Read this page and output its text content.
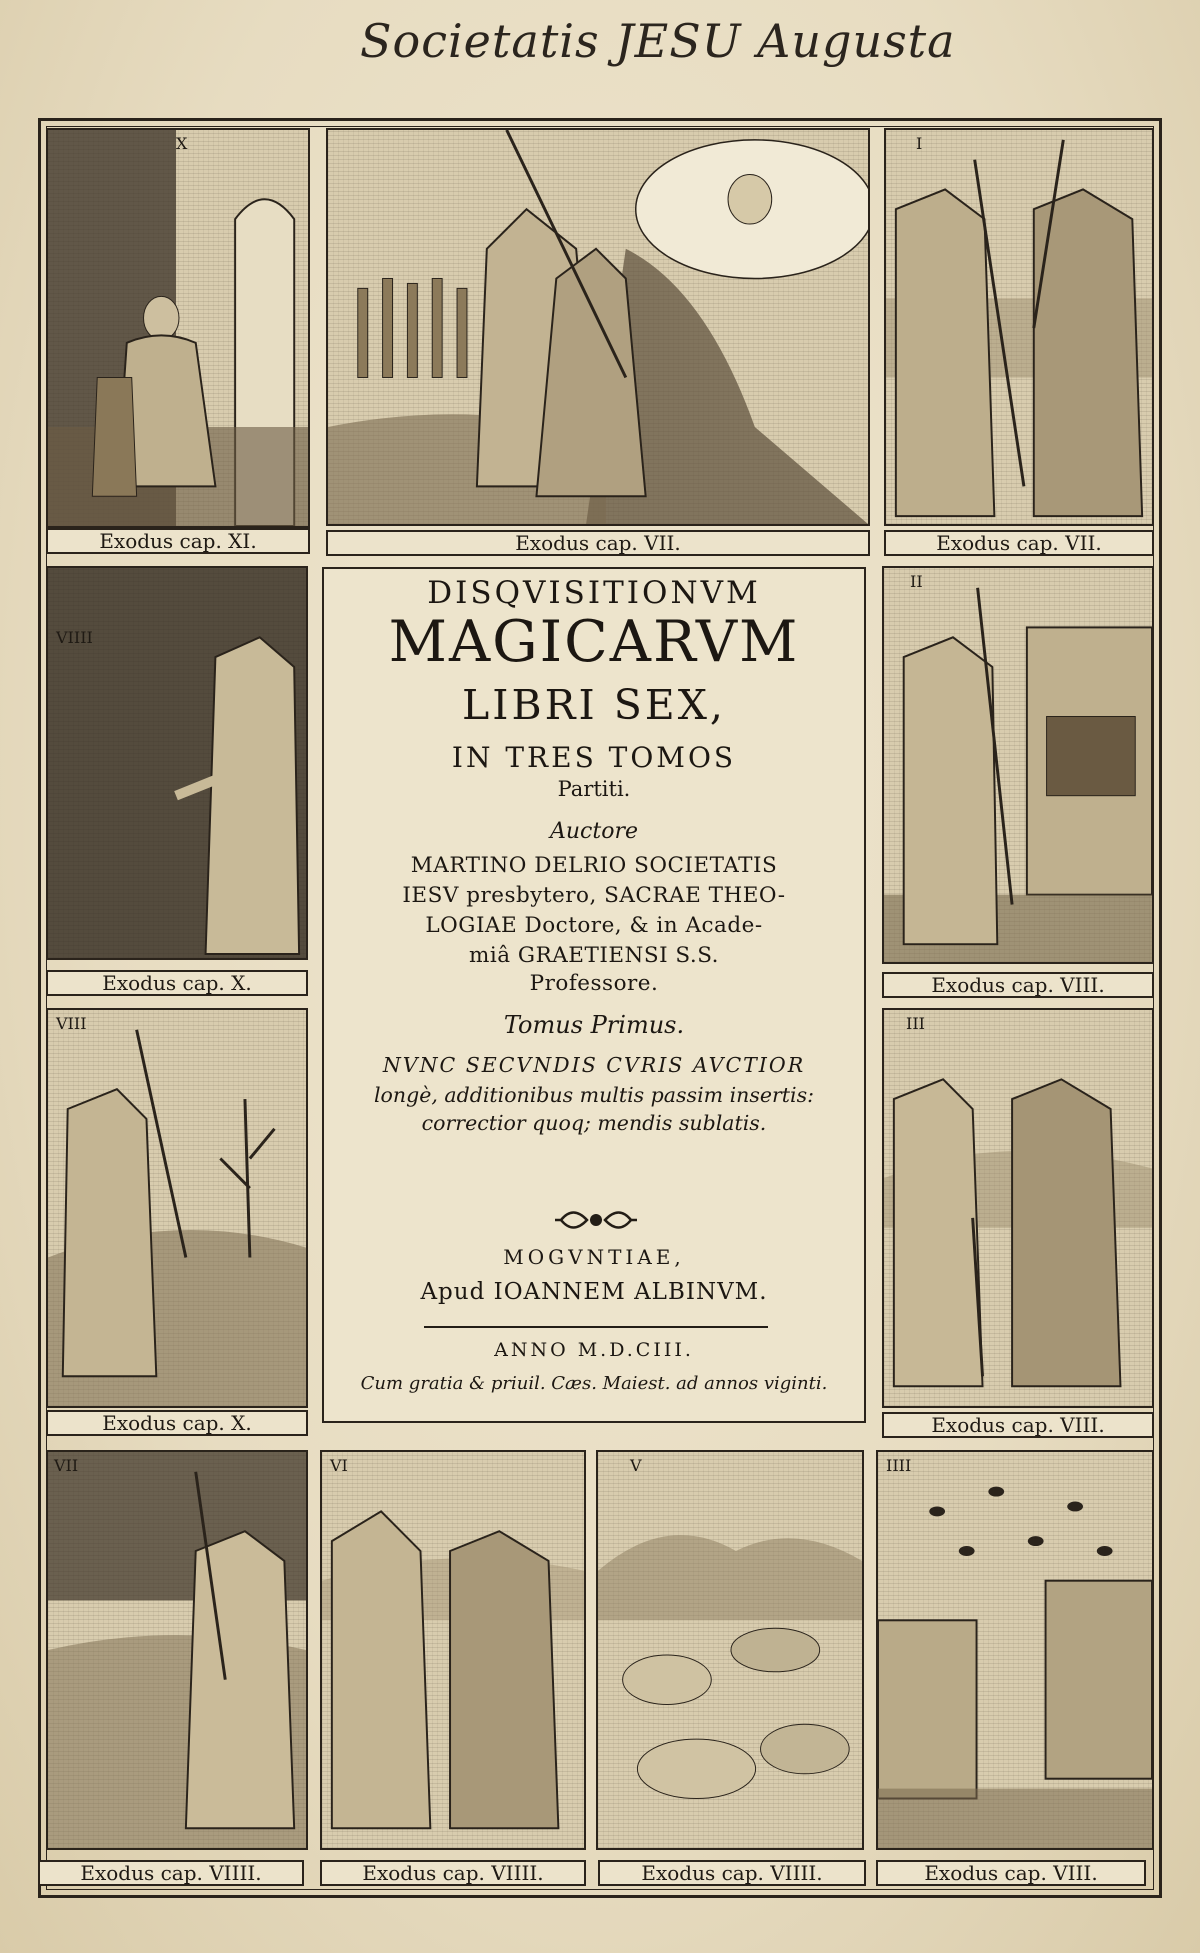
Societatis JESU Augusta
X
Exodus cap. XI.	Exodus cap. VII.
I
Exodus cap. VII.
VIIII
Exodus cap. X.
II
Exodus cap. VIII.
VIII
Exodus cap. X.
III
Exodus cap. VIII.
VII
Exodus cap. VIIII.
VI
Exodus cap. VIIII.
V
Exodus cap. VIIII.
IIII
Exodus cap. VIII.
DISQVISITIONVM
MAGICARVM
LIBRI SEX,
IN TRES TOMOS
Partiti.
Auctore
MARTINO DELRIO SOCIETATIS
IESV presbytero, SACRAE THEO-
LOGIAE Doctore, & in Acade-
miâ GRAETIENSI S.S.
Professore.
Tomus Primus.
NVNC SECVNDIS CVRIS AVCTIOR
longè, additionibus multis passim insertis:
correctior quoq; mendis sublatis.
MOGVNTIAE,
Apud IOANNEM ALBINVM.
ANNO M.D.CIII.
Cum gratia & priuil. Cæs. Maiest. ad annos viginti.
